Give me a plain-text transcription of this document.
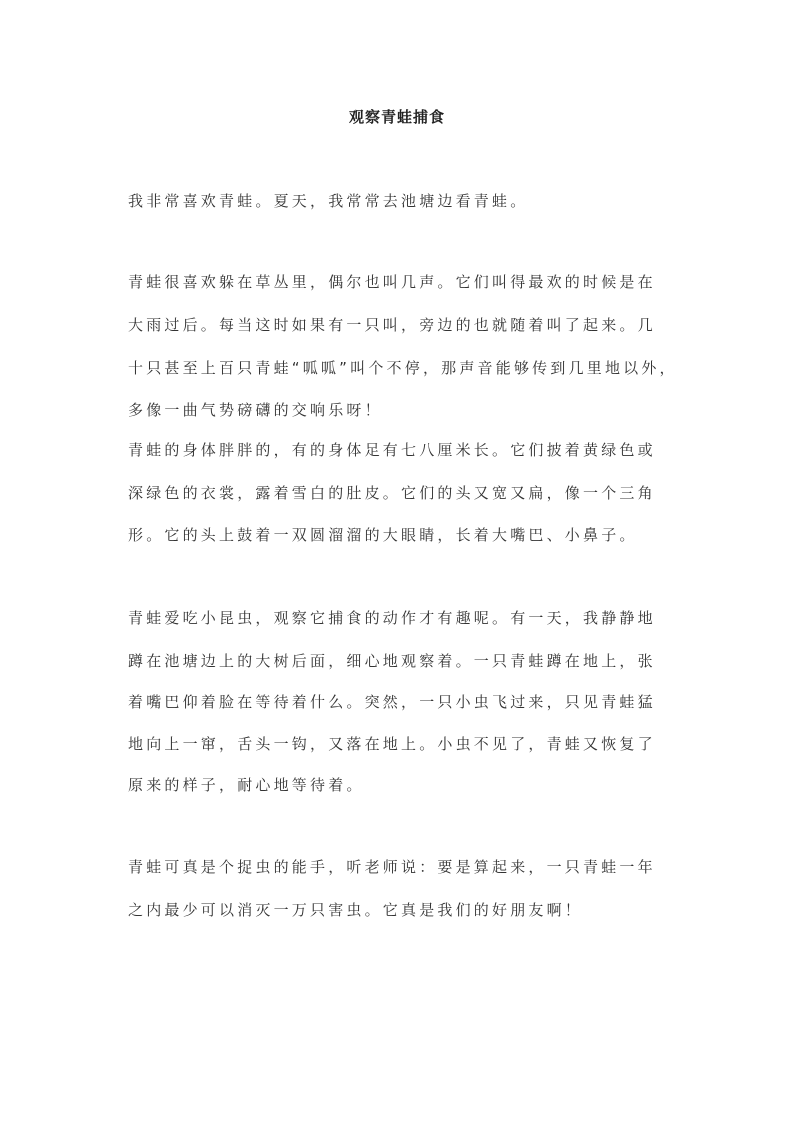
观察青蛙捕食
我非常喜欢青蛙。夏天，我常常去池塘边看青蛙。
青蛙很喜欢躲在草丛里，偶尔也叫几声。它们叫得最欢的时候是在
大雨过后。每当这时如果有一只叫，旁边的也就随着叫了起来。几
十只甚至上百只青蛙“呱呱”叫个不停，那声音能够传到几里地以外，
多像一曲气势磅礴的交响乐呀！
青蛙的身体胖胖的，有的身体足有七八厘米长。它们披着黄绿色或
深绿色的衣裳，露着雪白的肚皮。它们的头又宽又扁，像一个三角
形。它的头上鼓着一双圆溜溜的大眼睛，长着大嘴巴、小鼻子。
青蛙爱吃小昆虫，观察它捕食的动作才有趣呢。有一天，我静静地
蹲在池塘边上的大树后面，细心地观察着。一只青蛙蹲在地上，张
着嘴巴仰着脸在等待着什么。突然，一只小虫飞过来，只见青蛙猛
地向上一窜，舌头一钩，又落在地上。小虫不见了，青蛙又恢复了
原来的样子，耐心地等待着。
青蛙可真是个捉虫的能手，听老师说：要是算起来，一只青蛙一年
之内最少可以消灭一万只害虫。它真是我们的好朋友啊！
